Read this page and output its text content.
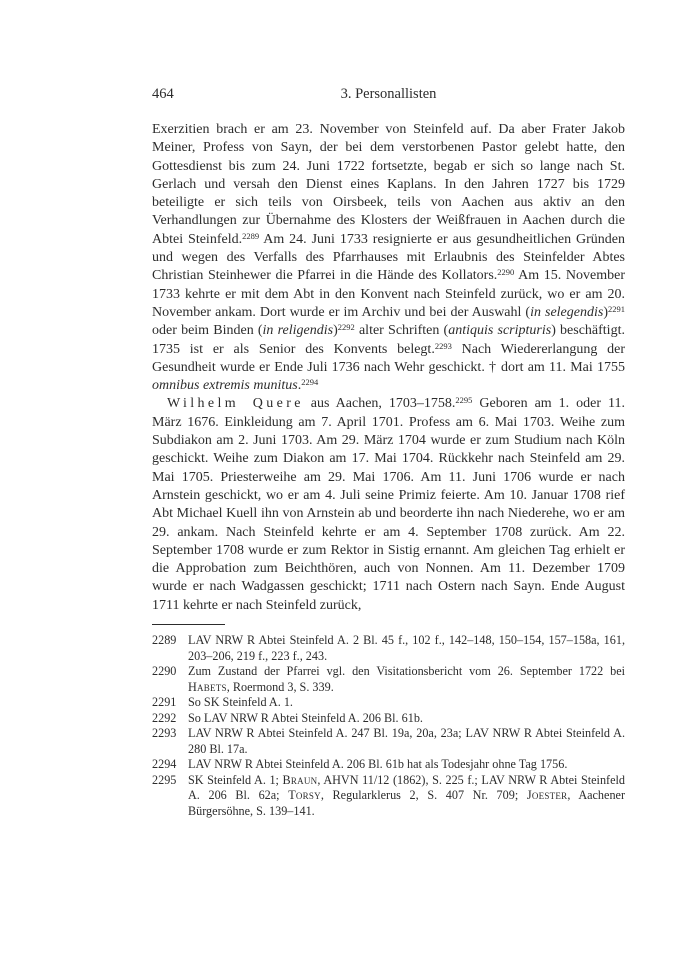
464	3. Personallisten

Exerzitien brach er am 23. November von Steinfeld auf. Da aber Frater Jakob Meiner, Profess von Sayn, der bei dem verstorbenen Pastor gelebt hatte, den Gottesdienst bis zum 24. Juni 1722 fortsetzte, begab er sich so lange nach St. Gerlach und versah den Dienst eines Kaplans. In den Jahren 1727 bis 1729 beteiligte er sich teils von Oirsbeek, teils von Aachen aus aktiv an den Verhandlungen zur Übernahme des Klosters der Weißfrauen in Aachen durch die Abtei Steinfeld.$^{2289}$ Am 24. Juni 1733 resignierte er aus gesundheitlichen Gründen und wegen des Verfalls des Pfarrhauses mit Erlaubnis des Steinfelder Abtes Christian Steinhewer die Pfarrei in die Hände des Kollators.$^{2290}$ Am 15. November 1733 kehrte er mit dem Abt in den Konvent nach Steinfeld zurück, wo er am 20. November ankam. Dort wurde er im Archiv und bei der Auswahl (in selegendis)$^{2291}$ oder beim Binden (in religendis)$^{2292}$ alter Schriften (antiquis scripturis) beschäftigt. 1735 ist er als Senior des Konvents belegt.$^{2293}$ Nach Wiedererlangung der Gesundheit wurde er Ende Juli 1736 nach Wehr geschickt. † dort am 11. Mai 1755 omnibus extremis munitus.$^{2294}$

Wilhelm Quere aus Aachen, 1703–1758.$^{2295}$ Geboren am 1. oder 11. März 1676. Einkleidung am 7. April 1701. Profess am 6. Mai 1703. Weihe zum Subdiakon am 2. Juni 1703. Am 29. März 1704 wurde er zum Studium nach Köln geschickt. Weihe zum Diakon am 17. Mai 1704. Rückkehr nach Steinfeld am 29. Mai 1705. Priesterweihe am 29. Mai 1706. Am 11. Juni 1706 wurde er nach Arnstein geschickt, wo er am 4. Juli seine Primiz feierte. Am 10. Januar 1708 rief Abt Michael Kuell ihn von Arnstein ab und beorderte ihn nach Niederehe, wo er am 29. ankam. Nach Steinfeld kehrte er am 4. September 1708 zurück. Am 22. September 1708 wurde er zum Rektor in Sistig ernannt. Am gleichen Tag erhielt er die Approbation zum Beichthören, auch von Nonnen. Am 11. Dezember 1709 wurde er nach Wadgassen geschickt; 1711 nach Ostern nach Sayn. Ende August 1711 kehrte er nach Steinfeld zurück,

2289 LAV NRW R Abtei Steinfeld A. 2 Bl. 45 f., 102 f., 142–148, 150–154, 157–158a, 161, 203–206, 219 f., 223 f., 243.
2290 Zum Zustand der Pfarrei vgl. den Visitationsbericht vom 26. September 1722 bei Habets, Roermond 3, S. 339.
2291 So SK Steinfeld A. 1.
2292 So LAV NRW R Abtei Steinfeld A. 206 Bl. 61b.
2293 LAV NRW R Abtei Steinfeld A. 247 Bl. 19a, 20a, 23a; LAV NRW R Abtei Steinfeld A. 280 Bl. 17a.
2294 LAV NRW R Abtei Steinfeld A. 206 Bl. 61b hat als Todesjahr ohne Tag 1756.
2295 SK Steinfeld A. 1; Braun, AHVN 11/12 (1862), S. 225 f.; LAV NRW R Abtei Steinfeld A. 206 Bl. 62a; Torsy, Regularklerus 2, S. 407 Nr. 709; Joester, Aachener Bürgersöhne, S. 139–141.
